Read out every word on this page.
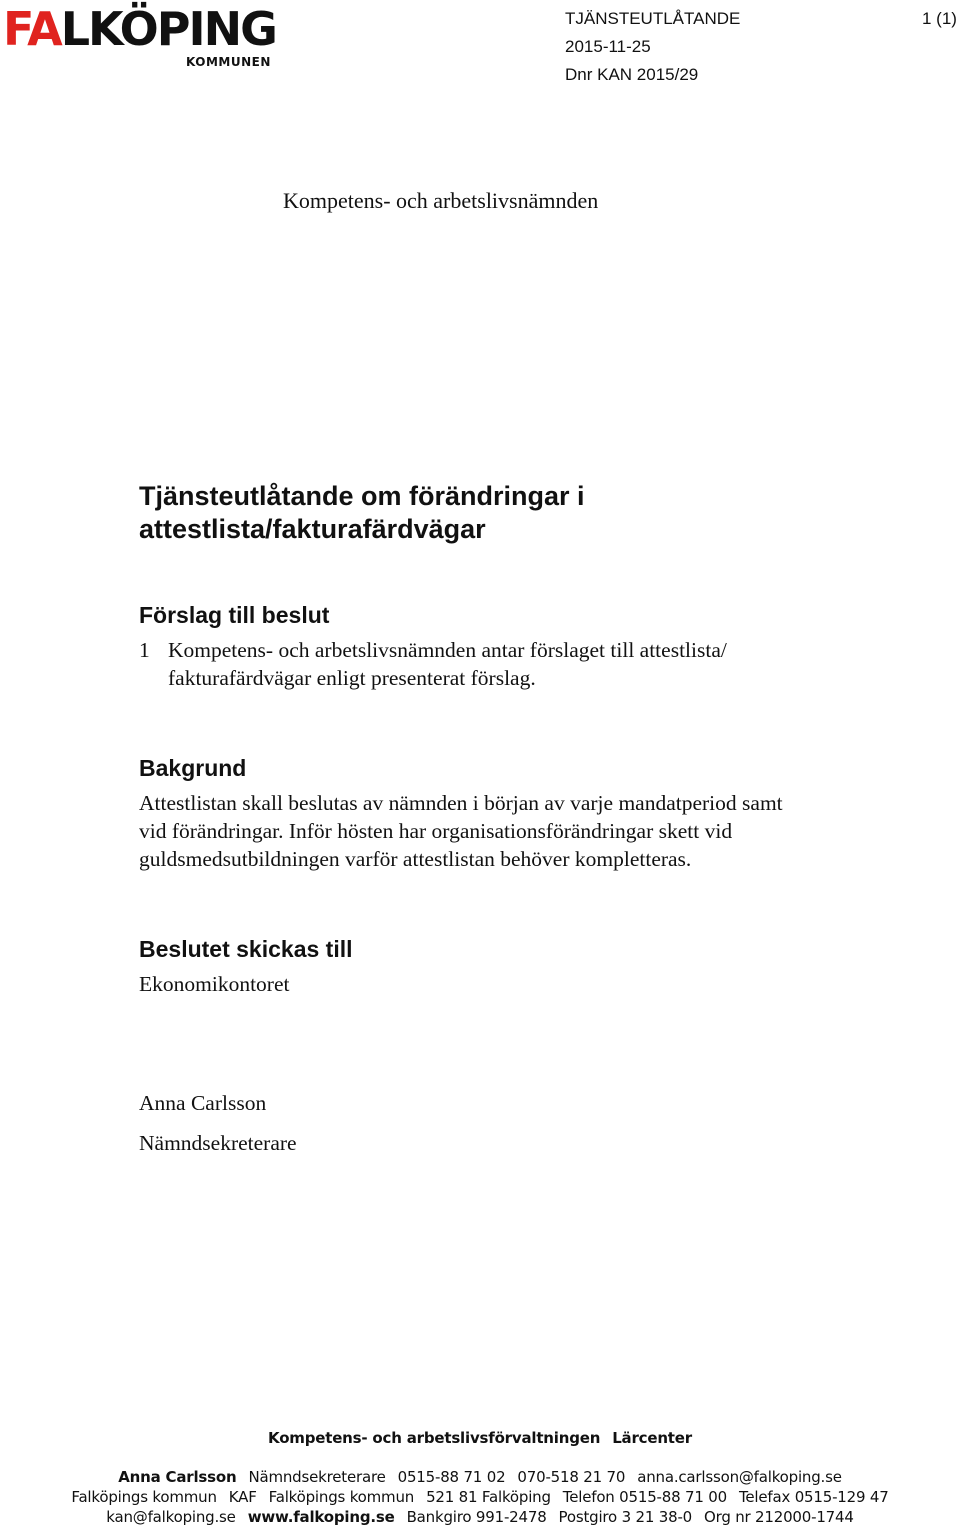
FALKÖPING
KOMMUNEN
TJÄNSTEUTLÅTANDE	1 (1)
2015-11-25
Dnr KAN 2015/29
Kompetens- och arbetslivsnämnden
Tjänsteutlåtande om förändringar i attestlista/fakturafärdvägar
Förslag till beslut
1 Kompetens- och arbetslivsnämnden antar förslaget till attestlista/
fakturafärdvägar enligt presenterat förslag.
Bakgrund
Attestlistan skall beslutas av nämnden i början av varje mandatperiod samt
vid förändringar. Inför hösten har organisationsförändringar skett vid
guldsmedsutbildningen varför attestlistan behöver kompletteras.
Beslutet skickas till
Ekonomikontoret
Anna Carlsson
Nämndsekreterare
Kompetens- och arbetslivsförvaltningen Lärcenter
Anna Carlsson Nämndsekreterare 0515-88 71 02 070-518 21 70 anna.carlsson@falkoping.se
Falköpings kommun KAF Falköpings kommun 521 81 Falköping Telefon 0515-88 71 00 Telefax 0515-129 47
kan@falkoping.se www.falkoping.se Bankgiro 991-2478 Postgiro 3 21 38-0 Org nr 212000-1744
